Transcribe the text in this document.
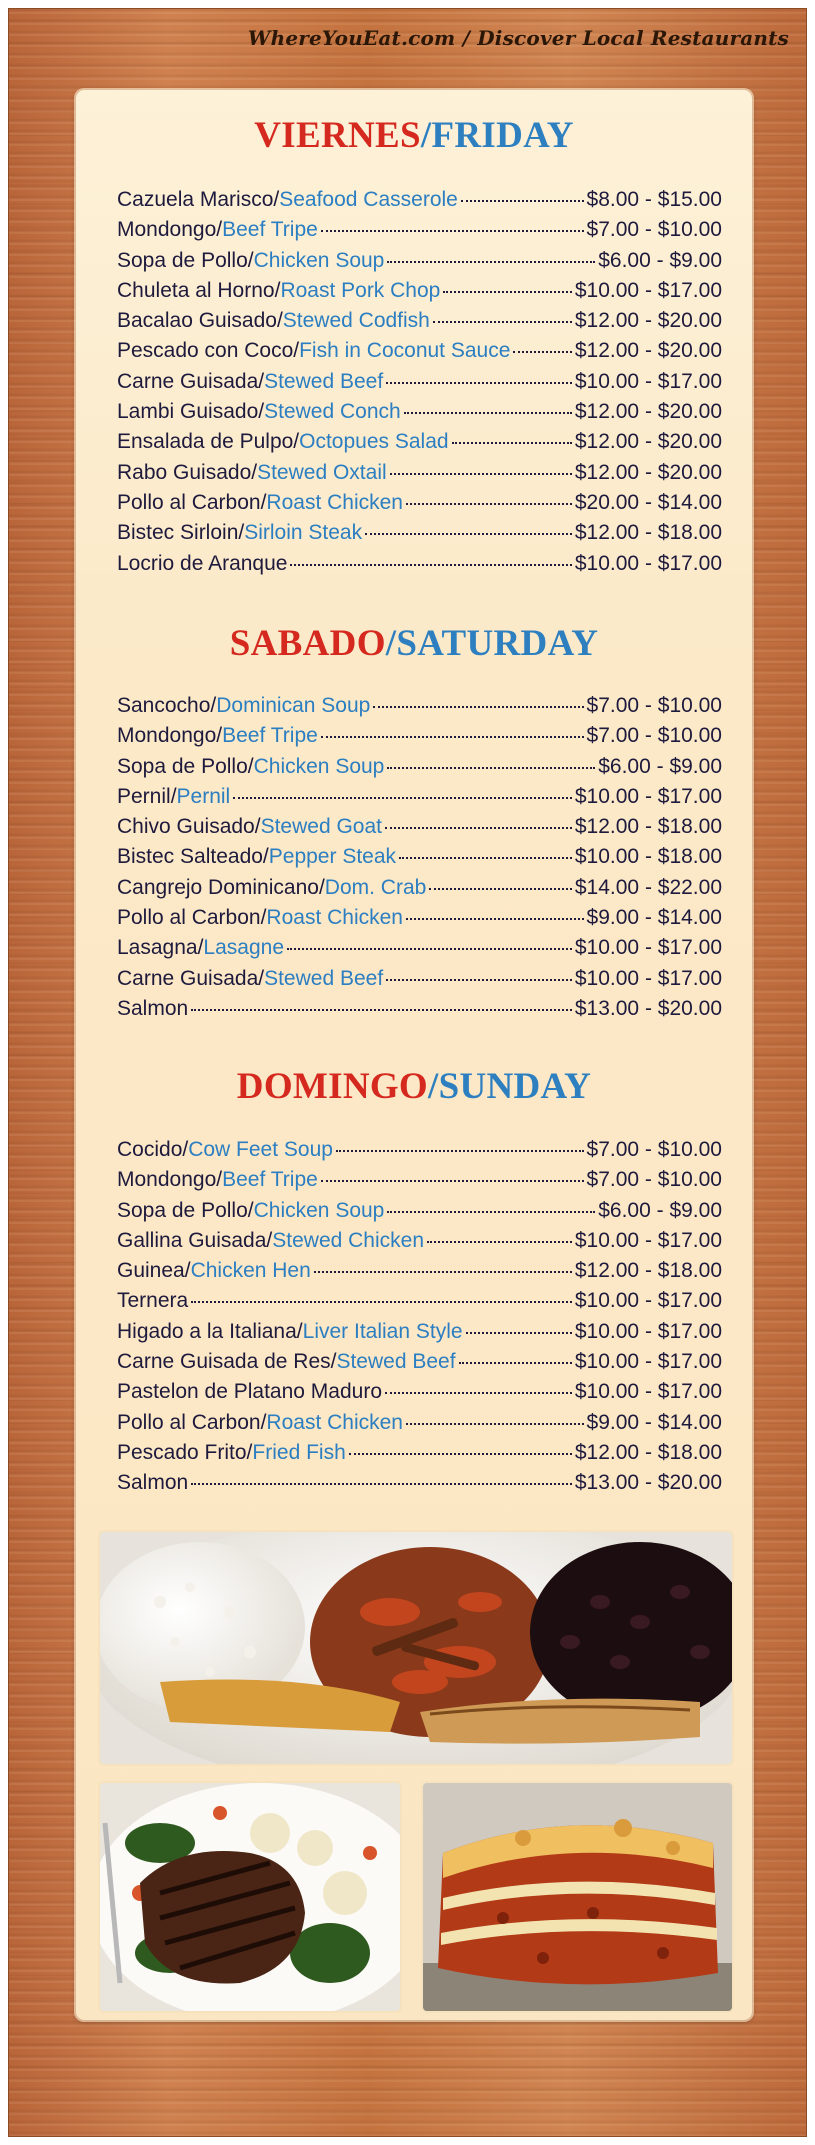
WhereYouEat.com / Discover Local Restaurants
VIERNES/FRIDAY
Cazuela Marisco/Seafood Casserole	$8.00 - $15.00
Mondongo/Beef Tripe	$7.00 - $10.00
Sopa de Pollo/Chicken Soup	$6.00 - $9.00
Chuleta al Horno/Roast Pork Chop	$10.00 - $17.00
Bacalao Guisado/Stewed Codfish	$12.00 - $20.00
Pescado con Coco/Fish in Coconut Sauce	$12.00 - $20.00
Carne Guisada/Stewed Beef	$10.00 - $17.00
Lambi Guisado/Stewed Conch	$12.00 - $20.00
Ensalada de Pulpo/Octopues Salad	$12.00 - $20.00
Rabo Guisado/Stewed Oxtail	$12.00 - $20.00
Pollo al Carbon/Roast Chicken	$20.00 - $14.00
Bistec Sirloin/Sirloin Steak	$12.00 - $18.00
Locrio de Aranque	$10.00 - $17.00
SABADO/SATURDAY
Sancocho/Dominican Soup	$7.00 - $10.00
Mondongo/Beef Tripe	$7.00 - $10.00
Sopa de Pollo/Chicken Soup	$6.00 - $9.00
Pernil/Pernil	$10.00 - $17.00
Chivo Guisado/Stewed Goat	$12.00 - $18.00
Bistec Salteado/Pepper Steak	$10.00 - $18.00
Cangrejo Dominicano/Dom. Crab	$14.00 - $22.00
Pollo al Carbon/Roast Chicken	$9.00 - $14.00
Lasagna/Lasagne	$10.00 - $17.00
Carne Guisada/Stewed Beef	$10.00 - $17.00
Salmon	$13.00 - $20.00
DOMINGO/SUNDAY
Cocido/Cow Feet Soup	$7.00 - $10.00
Mondongo/Beef Tripe	$7.00 - $10.00
Sopa de Pollo/Chicken Soup	$6.00 - $9.00
Gallina Guisada/Stewed Chicken	$10.00 - $17.00
Guinea/Chicken Hen	$12.00 - $18.00
Ternera	$10.00 - $17.00
Higado a la Italiana/Liver Italian Style	$10.00 - $17.00
Carne Guisada de Res/Stewed Beef	$10.00 - $17.00
Pastelon de Platano Maduro	$10.00 - $17.00
Pollo al Carbon/Roast Chicken	$9.00 - $14.00
Pescado Frito/Fried Fish	$12.00 - $18.00
Salmon	$13.00 - $20.00
